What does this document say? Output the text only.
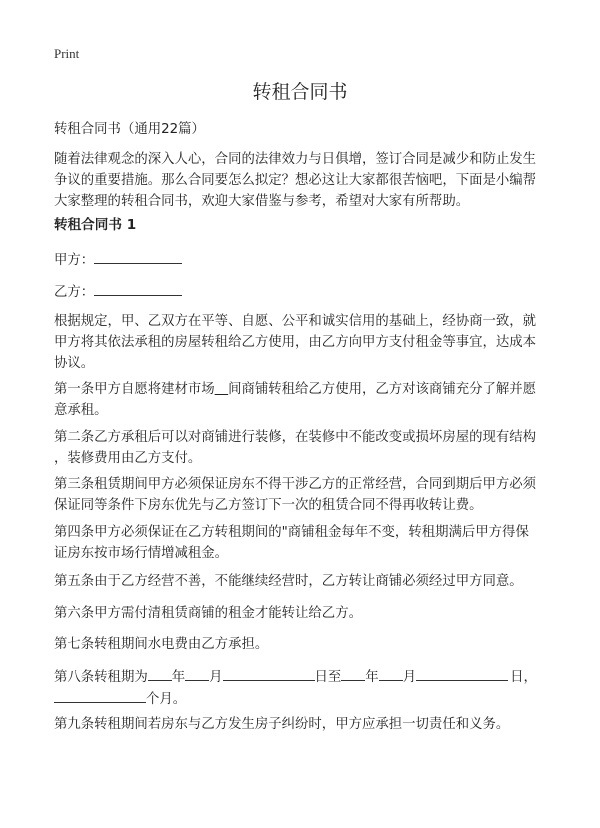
Print
转租合同书

转租合同书（通用22篇）

随着法律观念的深入人心，合同的法律效力与日俱增，签订合同是减少和防止发生
争议的重要措施。那么合同要怎么拟定？想必这让大家都很苦恼吧，下面是小编帮
大家整理的转租合同书，欢迎大家借鉴与参考，希望对大家有所帮助。

转租合同书 1
甲方：
乙方：

根据规定，甲、乙双方在平等、自愿、公平和诚实信用的基础上，经协商一致，就
甲方将其依法承租的房屋转租给乙方使用，由乙方向甲方支付租金等事宜，达成本
协议。

第一条甲方自愿将建材市场＿间商铺转租给乙方使用，乙方对该商铺充分了解并愿
意承租。

第二条乙方承租后可以对商铺进行装修，在装修中不能改变或损坏房屋的现有结构
，装修费用由乙方支付。

第三条租赁期间甲方必须保证房东不得干涉乙方的正常经营，合同到期后甲方必须
保证同等条件下房东优先与乙方签订下一次的租赁合同不得再收转让费。

第四条甲方必须保证在乙方转租期间的"商铺租金每年不变，转租期满后甲方得保
证房东按市场行情增减租金。

第五条由于乙方经营不善，不能继续经营时，乙方转让商铺必须经过甲方同意。

第六条甲方需付清租赁商铺的租金才能转让给乙方。

第七条转租期间水电费由乙方承担。

第八条转租期为 年 月	日至 年 月	日，
个月。

第九条转租期间若房东与乙方发生房子纠纷时，甲方应承担一切责任和义务。
